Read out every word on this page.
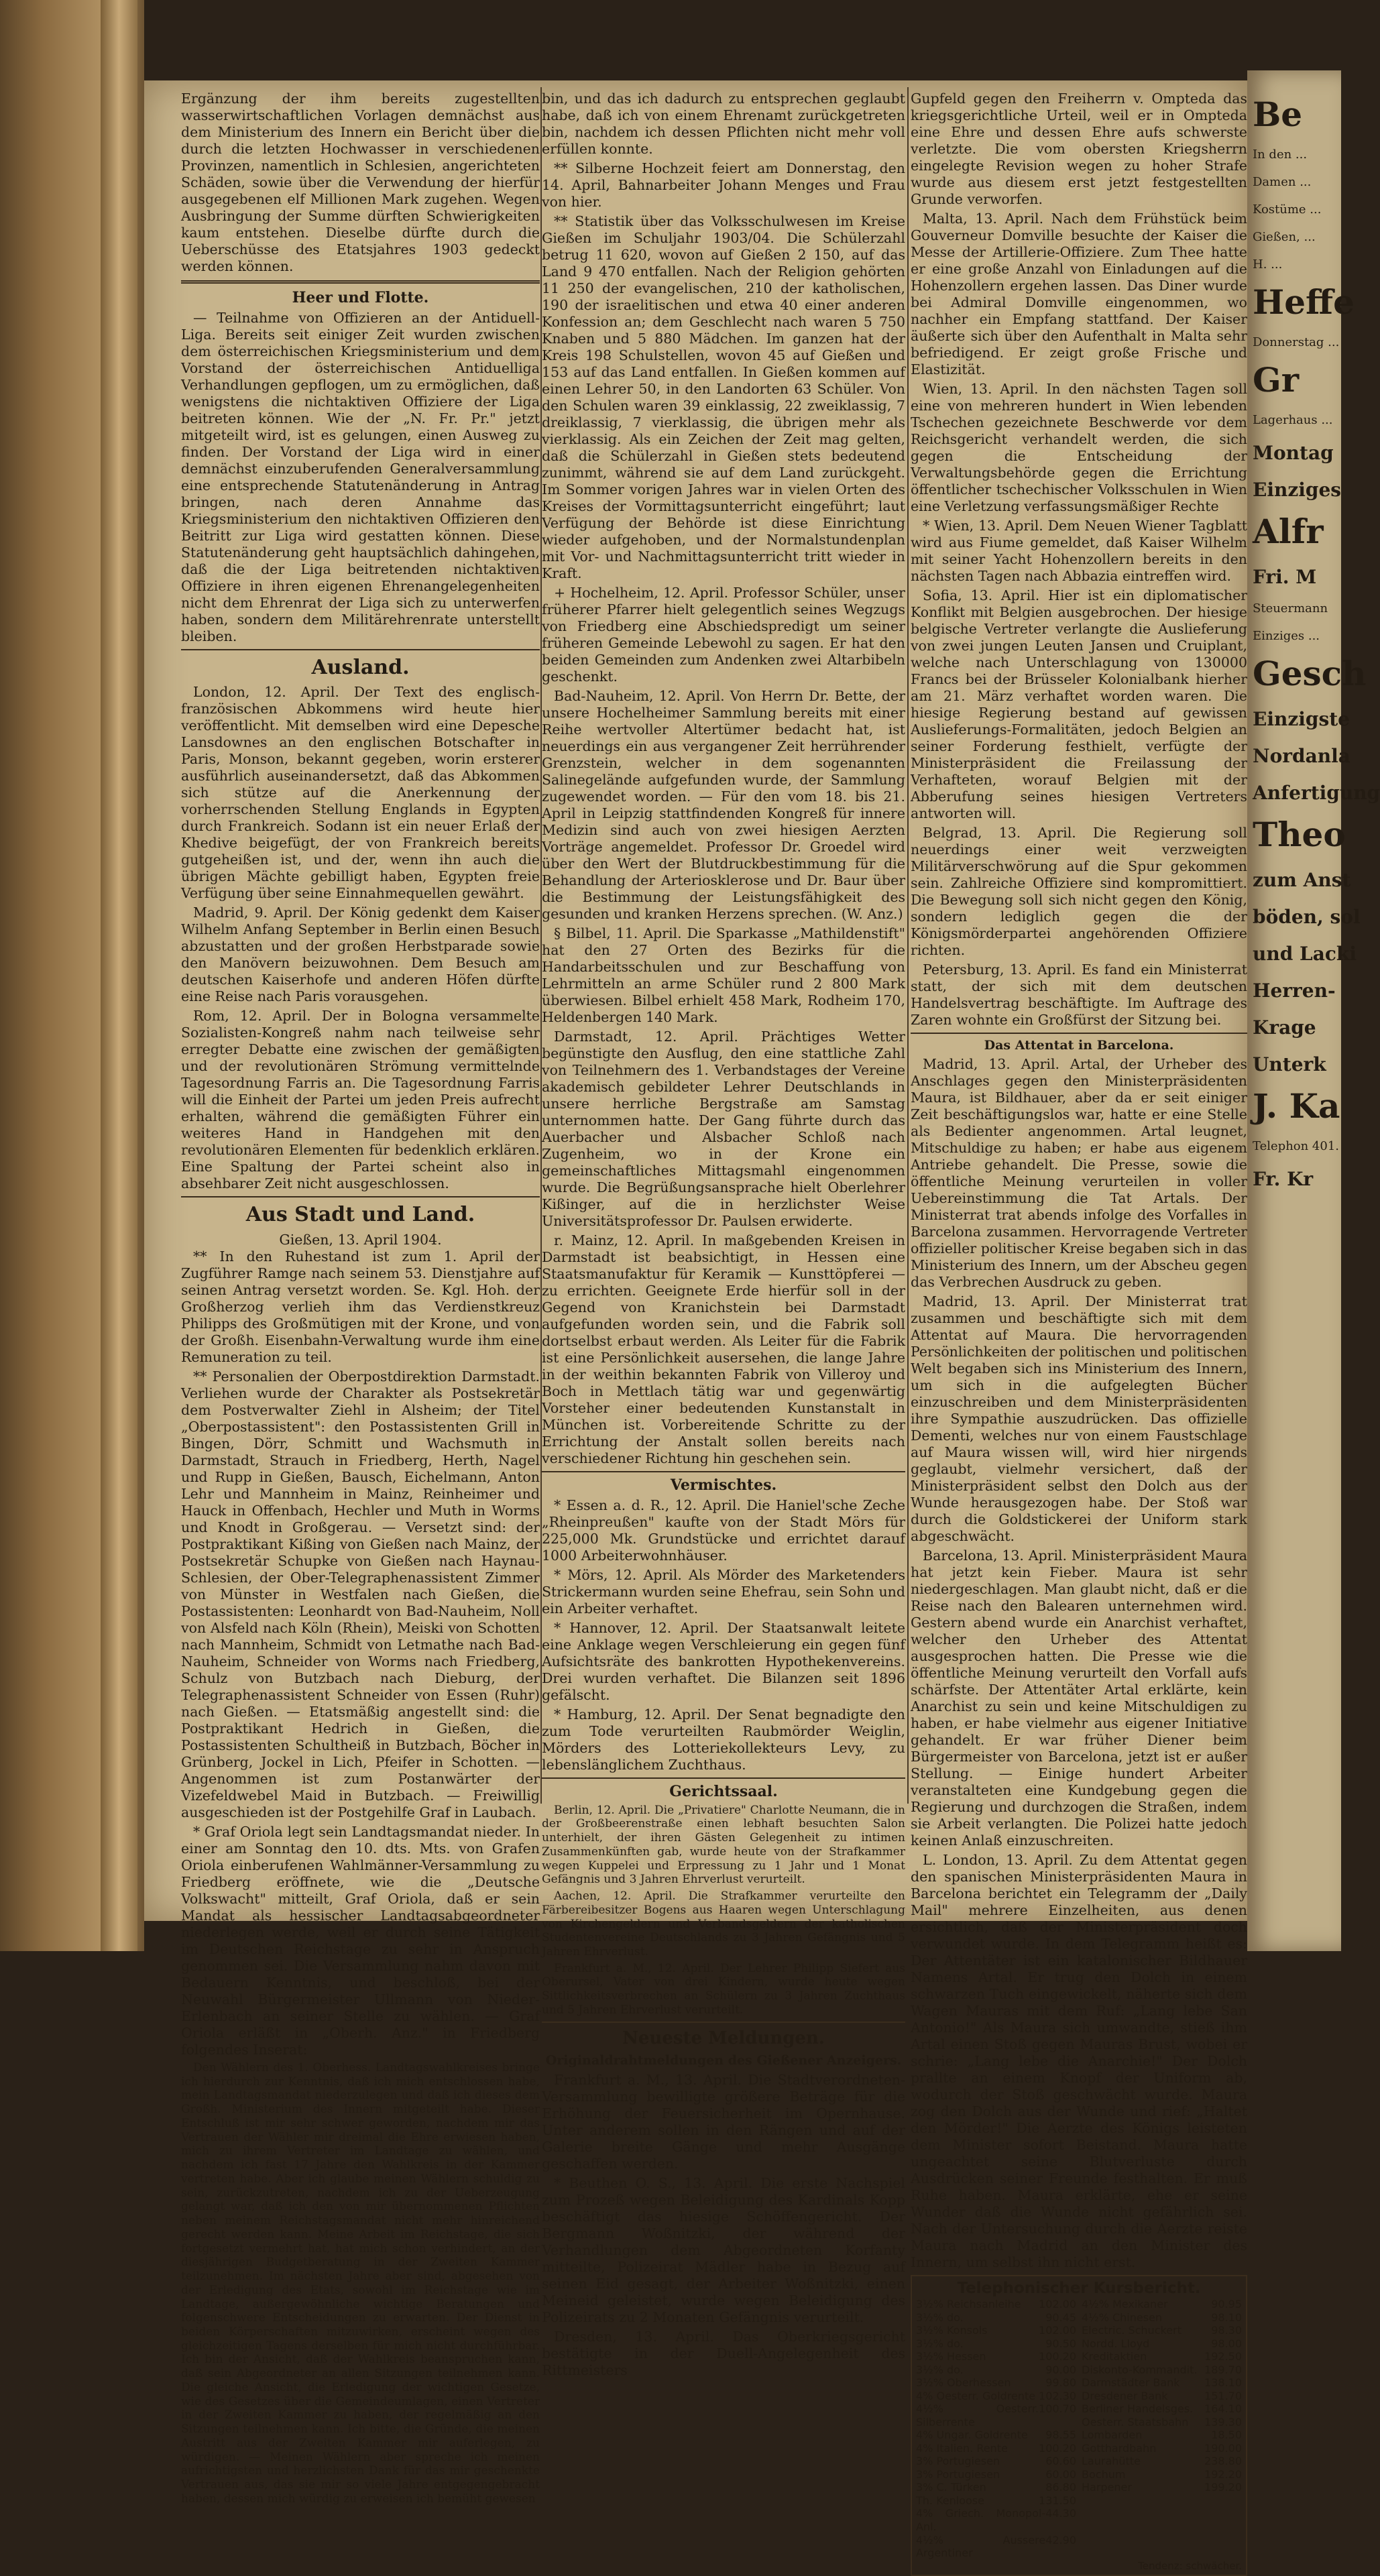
Ergänzung der ihm bereits zugestellten wasserwirtschaftlichen Vorlagen demnächst aus dem Ministerium des Innern ein Bericht über die durch die letzten Hochwasser in verschiedenen Provinzen, namentlich in Schlesien, angerichteten Schäden, sowie über die Verwendung der hierfür ausgegebenen elf Millionen Mark zugehen. Wegen Ausbringung der Summe dürften Schwierigkeiten kaum entstehen. Dieselbe dürfte durch die Ueberschüsse des Etatsjahres 1903 gedeckt werden können.

Heer und Flotte.

— Teilnahme von Offizieren an der Antiduell-Liga. Bereits seit einiger Zeit wurden zwischen dem österreichischen Kriegsministerium und dem Vorstand der österreichischen Antiduelliga Verhandlungen gepflogen, um zu ermöglichen, daß wenigstens die nichtaktiven Offiziere der Liga beitreten können. Wie der „N. Fr. Pr." jetzt mitgeteilt wird, ist es gelungen, einen Ausweg zu finden. Der Vorstand der Liga wird in einer demnächst einzuberufenden Generalversammlung eine entsprechende Statutenänderung in Antrag bringen, nach deren Annahme das Kriegsministerium den nichtaktiven Offizieren den Beitritt zur Liga wird gestatten können. Diese Statutenänderung geht hauptsächlich dahingehen, daß die der Liga beitretenden nichtaktiven Offiziere in ihren eigenen Ehrenangelegenheiten nicht dem Ehrenrat der Liga sich zu unterwerfen haben, sondern dem Militärehrenrate unterstellt bleiben.

Ausland.

London, 12. April. Der Text des englisch-französischen Abkommens wird heute hier veröffentlicht. Mit demselben wird eine Depesche Lansdownes an den englischen Botschafter in Paris, Monson, bekannt gegeben, worin ersterer ausführlich auseinandersetzt, daß das Abkommen sich stütze auf die Anerkennung der vorherrschenden Stellung Englands in Egypten durch Frankreich. Sodann ist ein neuer Erlaß der Khedive beigefügt, der von Frankreich bereits gutgeheißen ist, und der, wenn ihn auch die übrigen Mächte gebilligt haben, Egypten freie Verfügung über seine Einnahmequellen gewährt.

Madrid, 9. April. Der König gedenkt dem Kaiser Wilhelm Anfang September in Berlin einen Besuch abzustatten und der großen Herbstparade sowie den Manövern beizuwohnen. Dem Besuch am deutschen Kaiserhofe und anderen Höfen dürfte eine Reise nach Paris vorausgehen.

Rom, 12. April. Der in Bologna versammelte Sozialisten-Kongreß nahm nach teilweise sehr erregter Debatte eine zwischen der gemäßigten und der revolutionären Strömung vermittelnde Tagesordnung Farris an. Die Tagesordnung Farris will die Einheit der Partei um jeden Preis aufrecht erhalten, während die gemäßigten Führer ein weiteres Hand in Handgehen mit den revolutionären Elementen für bedenklich erklären. Eine Spaltung der Partei scheint also in absehbarer Zeit nicht ausgeschlossen.

Aus Stadt und Land.
Gießen, 13. April 1904.

** In den Ruhestand ist zum 1. April der Zugführer Ramge nach seinem 53. Dienstjahre auf seinen Antrag versetzt worden. Se. Kgl. Hoh. der Großherzog verlieh ihm das Verdienstkreuz Philipps des Großmütigen mit der Krone, und von der Großh. Eisenbahn-Verwaltung wurde ihm eine Remuneration zu teil.

** Personalien der Oberpostdirektion Darmstadt. Verliehen wurde der Charakter als Postsekretär dem Postverwalter Ziehl in Alsheim; der Titel „Oberpostassistent": den Postassistenten Grill in Bingen, Dörr, Schmitt und Wachsmuth in Darmstadt, Strauch in Friedberg, Herth, Nagel und Rupp in Gießen, Bausch, Eichelmann, Anton Lehr und Mannheim in Mainz, Reinheimer und Hauck in Offenbach, Hechler und Muth in Worms und Knodt in Großgerau. — Versetzt sind: der Postpraktikant Kißing von Gießen nach Mainz, der Postsekretär Schupke von Gießen nach Haynau-Schlesien, der Ober-Telegraphenassistent Zimmer von Münster in Westfalen nach Gießen, die Postassistenten: Leonhardt von Bad-Nauheim, Noll von Alsfeld nach Köln (Rhein), Meiski von Schotten nach Mannheim, Schmidt von Letmathe nach Bad-Nauheim, Schneider von Worms nach Friedberg, Schulz von Butzbach nach Dieburg, der Telegraphenassistent Schneider von Essen (Ruhr) nach Gießen. — Etatsmäßig angestellt sind: die Postpraktikant Hedrich in Gießen, die Postassistenten Schultheiß in Butzbach, Böcher in Grünberg, Jockel in Lich, Pfeifer in Schotten. — Angenommen ist zum Postanwärter der Vizefeldwebel Maid in Butzbach. — Freiwillig ausgeschieden ist der Postgehilfe Graf in Laubach.

* Graf Oriola legt sein Landtagsmandat nieder. In einer am Sonntag den 10. dts. Mts. von Grafen Oriola einberufenen Wahlmänner-Versammlung zu Friedberg eröffnete, wie die „Deutsche Volkswacht" mitteilt, Graf Oriola, daß er sein Mandat als hessischer Landtagsabgeordneter niederlegen werde, weil er durch seine Tätigkeit im Deutschen Reichstage zu sehr in Anspruch genommen sei. Die Versammlung nahm davon mit Bedauern Kenntnis, und beschloß, bei der Neuwahl Bürgermeister Ullmann von Nieder-Erlenbach an seiner Stelle zu wählen. — Graf Oriola erläßt in „Oberh. Anz." in Friedberg folgendes Inserat:

Den Wählern des 1. Oberhess. Landtagswahlkreises bringe ich hierdurch zur Kenntnis, daß ich mich entschlossen habe, mein Landtagsmandat niederzulegen und daß ich dieses dem Großh. Ministerium des Innern mitgeteilt habe. Dieser Entschluß ist mir sehr schwer geworden, nachdem mir das Vertrauen der Wähler mir dreimal die Ehre erwiesen haben, mich zu ihrem Vertreter im Landtage zu wählen, und nachdem ich fast 17 Jahre den Wahlkreis in der Kammer vertreten habe. Aber ich glaube meinen Wählern schuldig zu sein, zurückzutreten, nachdem ich zu der Ueberzeugung gelangt war, daß ich den von mir übernommenen Pflichten neben meinem Reichstagsmandat nicht mehr hinreichend gerecht werden kann. Meine Arbeit im Reichstage, die sich fortgesetzt vermehrt hat, hat mich schon verhindert, an der diesjährigen Budgetberatung in der Zweiten Kammer teilzunehmen. Im nächsten Jahre aber sind, abgesehen von der Erledigung des Etats, sowohl im Reichstage wie im Landtage, außergewöhnliche wichtige Beratungen und folgenschwere Entscheidungen zu erwarten. Der Dienst in beiden Körperschaften mitzuwirken, erscheint wegen des gleichzeitigen Tagens derselben für mich nicht durchführbar. Ich bin der Ansicht, daß der Wahlkreis beanspruchen kann, daß sein Abgeordneter an allen Sitzungen teilnehmen kann. Die gleiche Ansicht, die Erledigung der wichtigen Gesetze, wie des Gesetzes über die Gemeindeumlagen, einen Vertreter in der Zweiten Kammer zu haben, der regelmäßig an den Sitzungen teilnehmen kann. Ich bitte, die Gründe, die meinen Austritt aus der Zweiten Kammer mir auferlegen, zu würdigen. — Meinen Wählern aber spreche ich meinen aufrichtigsten und herzlichsten Dank für das mir geschenkte Vertrauen aus, das sie mir so viele Jahre entgegengebracht haben, dessen mich würdig zu erweisen ich bemüht gewesen

bin, und das ich dadurch zu entsprechen geglaubt habe, daß ich von einem Ehrenamt zurückgetreten bin, nachdem ich dessen Pflichten nicht mehr voll erfüllen konnte.

** Silberne Hochzeit feiert am Donnerstag, den 14. April, Bahnarbeiter Johann Menges und Frau von hier.

** Statistik über das Volksschulwesen im Kreise Gießen im Schuljahr 1903/04. Die Schülerzahl betrug 11 620, wovon auf Gießen 2 150, auf das Land 9 470 entfallen. Nach der Religion gehörten 11 250 der evangelischen, 210 der katholischen, 190 der israelitischen und etwa 40 einer anderen Konfession an; dem Geschlecht nach waren 5 750 Knaben und 5 880 Mädchen. Im ganzen hat der Kreis 198 Schulstellen, wovon 45 auf Gießen und 153 auf das Land entfallen. In Gießen kommen auf einen Lehrer 50, in den Landorten 63 Schüler. Von den Schulen waren 39 einklassig, 22 zweiklassig, 7 dreiklassig, 7 vierklassig, die übrigen mehr als vierklassig. Als ein Zeichen der Zeit mag gelten, daß die Schülerzahl in Gießen stets bedeutend zunimmt, während sie auf dem Land zurückgeht. Im Sommer vorigen Jahres war in vielen Orten des Kreises der Vormittagsunterricht eingeführt; laut Verfügung der Behörde ist diese Einrichtung wieder aufgehoben, und der Normalstundenplan mit Vor- und Nachmittagsunterricht tritt wieder in Kraft.

+ Hochelheim, 12. April. Professor Schüler, unser früherer Pfarrer hielt gelegentlich seines Wegzugs von Friedberg eine Abschiedspredigt um seiner früheren Gemeinde Lebewohl zu sagen. Er hat den beiden Gemeinden zum Andenken zwei Altarbibeln geschenkt.

Bad-Nauheim, 12. April. Von Herrn Dr. Bette, der unsere Hochelheimer Sammlung bereits mit einer Reihe wertvoller Altertümer bedacht hat, ist neuerdings ein aus vergangener Zeit herrührender Grenzstein, welcher in dem sogenannten Salinegelände aufgefunden wurde, der Sammlung zugewendet worden. — Für den vom 18. bis 21. April in Leipzig stattfindenden Kongreß für innere Medizin sind auch von zwei hiesigen Aerzten Vorträge angemeldet. Professor Dr. Groedel wird über den Wert der Blutdruckbestimmung für die Behandlung der Arteriosklerose und Dr. Baur über die Bestimmung der Leistungsfähigkeit des gesunden und kranken Herzens sprechen. (W. Anz.)

§ Bilbel, 11. April. Die Sparkasse „Mathildenstift" hat den 27 Orten des Bezirks für die Handarbeitsschulen und zur Beschaffung von Lehrmitteln an arme Schüler rund 2 800 Mark überwiesen. Bilbel erhielt 458 Mark, Rodheim 170, Heldenbergen 140 Mark.

Darmstadt, 12. April. Prächtiges Wetter begünstigte den Ausflug, den eine stattliche Zahl von Teilnehmern des 1. Verbandstages der Vereine akademisch gebildeter Lehrer Deutschlands in unsere herrliche Bergstraße am Samstag unternommen hatte. Der Gang führte durch das Auerbacher und Alsbacher Schloß nach Zugenheim, wo in der Krone ein gemeinschaftliches Mittagsmahl eingenommen wurde. Die Begrüßungsansprache hielt Oberlehrer Kißinger, auf die in herzlichster Weise Universitätsprofessor Dr. Paulsen erwiderte.

r. Mainz, 12. April. In maßgebenden Kreisen in Darmstadt ist beabsichtigt, in Hessen eine Staatsmanufaktur für Keramik — Kunsttöpferei — zu errichten. Geeignete Erde hierfür soll in der Gegend von Kranichstein bei Darmstadt aufgefunden worden sein, und die Fabrik soll dortselbst erbaut werden. Als Leiter für die Fabrik ist eine Persönlichkeit ausersehen, die lange Jahre in der weithin bekannten Fabrik von Villeroy und Boch in Mettlach tätig war und gegenwärtig Vorsteher einer bedeutenden Kunstanstalt in München ist. Vorbereitende Schritte zu der Errichtung der Anstalt sollen bereits nach verschiedener Richtung hin geschehen sein.

Vermischtes.

* Essen a. d. R., 12. April. Die Haniel'sche Zeche „Rheinpreußen" kaufte von der Stadt Mörs für 225,000 Mk. Grundstücke und errichtet darauf 1000 Arbeiterwohnhäuser.

* Mörs, 12. April. Als Mörder des Marketenders Strickermann wurden seine Ehefrau, sein Sohn und ein Arbeiter verhaftet.

* Hannover, 12. April. Der Staatsanwalt leitete eine Anklage wegen Verschleierung ein gegen fünf Aufsichtsräte des bankrotten Hypothekenvereins. Drei wurden verhaftet. Die Bilanzen seit 1896 gefälscht.

* Hamburg, 12. April. Der Senat begnadigte den zum Tode verurteilten Raubmörder Weiglin, Mörders des Lotteriekollekteurs Levy, zu lebenslänglichem Zuchthaus.

Gerichtssaal.

Berlin, 12. April. Die „Privatiere" Charlotte Neumann, die in der Großbeerenstraße einen lebhaft besuchten Salon unterhielt, der ihren Gästen Gelegenheit zu intimen Zusammenkünften gab, wurde heute von der Strafkammer wegen Kuppelei und Erpressung zu 1 Jahr und 1 Monat Gefängnis und 3 Jahren Ehrverlust verurteilt.

Aachen, 12. April. Die Strafkammer verurteilte den Färbereibesitzer Bogens aus Haaren wegen Unterschlagung von Kirchengeldern und Verbandsgeldern der katholischen Studentenvereine Deutschlands zu 3 Jahren Gefängnis und 5 Jahren Ehrverlust.

Frankfurt a. M., 12. April. Der Lehrer Philipp Siefert aus Oberursel, Vater von drei Kindern, wurde heute wegen Sittlichkeitsverbrechen an Schülern zu 3 Jahren Zuchthaus und 5 Jahren Ehrverlust verurteilt.

Neueste Meldungen.
Originaldrahtmeldungen des Gießener Anzeigers.

Frankfurt a. M., 13. April. Die Stadtverordneten-Versammlung bewilligte größere Beträge für die Erhöhung der Feuersicherheit im Opernhause. Unter anderem sollen in den Rängen und auf der Galerie breite Gänge und mehr Ausgänge geschaffen werden.

* Beuthen O. S., 13. April. Die erste Nachspiel zum Prozeß wegen Beleidigung des Kardinals Kopp beschäftigt das hiesige Schöffengericht. Der Bergmann Woßnitzki, der während der Verhandlungen dem Abgeordneten Korfanty mitteilte, Polizeirat Mädler habe in Bezug auf seinen Eid gesagt, der Arbeiter Woßnitzki, einen Meineid geleistet, wurde wegen Beleidigung des Polizeirats zu 2 Monaten Gefängnis verurteilt.

Dresden, 13. April. Das Oberkriegsgericht bestätigte in der Duell-Angelegenheit des Rittmeisters

Gupfeld gegen den Freiherrn v. Ompteda das kriegsgerichtliche Urteil, weil er in Ompteda eine Ehre und dessen Ehre aufs schwerste verletzte. Die vom obersten Kriegsherrn eingelegte Revision wegen zu hoher Strafe wurde aus diesem erst jetzt festgestellten Grunde verworfen.

Malta, 13. April. Nach dem Frühstück beim Gouverneur Domville besuchte der Kaiser die Messe der Artillerie-Offiziere. Zum Thee hatte er eine große Anzahl von Einladungen auf die Hohenzollern ergehen lassen. Das Diner wurde bei Admiral Domville eingenommen, wo nachher ein Empfang stattfand. Der Kaiser äußerte sich über den Aufenthalt in Malta sehr befriedigend. Er zeigt große Frische und Elastizität.

Wien, 13. April. In den nächsten Tagen soll eine von mehreren hundert in Wien lebenden Tschechen gezeichnete Beschwerde vor dem Reichsgericht verhandelt werden, die sich gegen die Entscheidung der Verwaltungsbehörde gegen die Errichtung öffentlicher tschechischer Volksschulen in Wien eine Verletzung verfassungsmäßiger Rechte

* Wien, 13. April. Dem Neuen Wiener Tagblatt wird aus Fiume gemeldet, daß Kaiser Wilhelm mit seiner Yacht Hohenzollern bereits in den nächsten Tagen nach Abbazia eintreffen wird.

Sofia, 13. April. Hier ist ein diplomatischer Konflikt mit Belgien ausgebrochen. Der hiesige belgische Vertreter verlangte die Auslieferung von zwei jungen Leuten Jansen und Cruiplant, welche nach Unterschlagung von 130000 Francs bei der Brüsseler Kolonialbank hierher am 21. März verhaftet worden waren. Die hiesige Regierung bestand auf gewissen Auslieferungs-Formalitäten, jedoch Belgien an seiner Forderung festhielt, verfügte der Ministerpräsident die Freilassung der Verhafteten, worauf Belgien mit der Abberufung seines hiesigen Vertreters antworten will.

Belgrad, 13. April. Die Regierung soll neuerdings einer weit verzweigten Militärverschwörung auf die Spur gekommen sein. Zahlreiche Offiziere sind kompromittiert. Die Bewegung soll sich nicht gegen den König, sondern lediglich gegen die der Königsmörderpartei angehörenden Offiziere richten.

Petersburg, 13. April. Es fand ein Ministerrat statt, der sich mit dem deutschen Handelsvertrag beschäftigte. Im Auftrage des Zaren wohnte ein Großfürst der Sitzung bei.

Das Attentat in Barcelona.

Madrid, 13. April. Artal, der Urheber des Anschlages gegen den Ministerpräsidenten Maura, ist Bildhauer, aber da er seit einiger Zeit beschäftigungslos war, hatte er eine Stelle als Bedienter angenommen. Artal leugnet, Mitschuldige zu haben; er habe aus eigenem Antriebe gehandelt. Die Presse, sowie die öffentliche Meinung verurteilen in voller Uebereinstimmung die Tat Artals. Der Ministerrat trat abends infolge des Vorfalles in Barcelona zusammen. Hervorragende Vertreter offizieller politischer Kreise begaben sich in das Ministerium des Innern, um der Abscheu gegen das Verbrechen Ausdruck zu geben.

Madrid, 13. April. Der Ministerrat trat zusammen und beschäftigte sich mit dem Attentat auf Maura. Die hervorragenden Persönlichkeiten der politischen und politischen Welt begaben sich ins Ministerium des Innern, um sich in die aufgelegten Bücher einzuschreiben und dem Ministerpräsidenten ihre Sympathie auszudrücken. Das offizielle Dementi, welches nur von einem Faustschlage auf Maura wissen will, wird hier nirgends geglaubt, vielmehr versichert, daß der Ministerpräsident selbst den Dolch aus der Wunde herausgezogen habe. Der Stoß war durch die Goldstickerei der Uniform stark abgeschwächt.

Barcelona, 13. April. Ministerpräsident Maura hat jetzt kein Fieber. Maura ist sehr niedergeschlagen. Man glaubt nicht, daß er die Reise nach den Balearen unternehmen wird. Gestern abend wurde ein Anarchist verhaftet, welcher den Urheber des Attentat ausgesprochen hatten. Die Presse wie die öffentliche Meinung verurteilt den Vorfall aufs schärfste. Der Attentäter Artal erklärte, kein Anarchist zu sein und keine Mitschuldigen zu haben, er habe vielmehr aus eigener Initiative gehandelt. Er war früher Diener beim Bürgermeister von Barcelona, jetzt ist er außer Stellung. — Einige hundert Arbeiter veranstalteten eine Kundgebung gegen die Regierung und durchzogen die Straßen, indem sie Arbeit verlangten. Die Polizei hatte jedoch keinen Anlaß einzuschreiten.

L. London, 13. April. Zu dem Attentat gegen den spanischen Ministerpräsidenten Maura in Barcelona berichtet ein Telegramm der „Daily Mail" mehrere Einzelheiten, aus denen ersichtlich, daß der Ministerpräsident doch verwundet wurde. In dem Telegramm heißt es: Der Attentäter ist ein katalonischer Bildhauer Namens Artal. Er trug den Dolch in einem schwarzen Tuch eingewickelt, näherte sich dem Wagen Mauras mit dem Ruf: „Lang lebe San Antonio!" Als Maura sich umwandte, stieß ihm Artal einen Stoß gegen Mauras Brust, wobei er schrie: „Lang lebe die Anarchie!" Der Dolch prallte an einem Knopf der Uniform ab, wodurch der Stoß geschwächt wurde. Maura zog den Dolch aus der Wunde und rief: „Haltet den Mörder!" Die Aerzte des Königs leisteten dem Minister sofort Beistand. Maura hatte ungeachtet seine Blutverluste durch Ausdrücken seiner Freunde festhalten. Er muß Ruhe haben. Maura erklärte, ehe er seine Wunder daß die Wunde nicht gefährlich sei. Nach der Untersuchung durch die Aerzte reiste Maura nach Madrid an den Minister des Innern, um selbst ihn nicht erst.

Telephonischer Kursbericht.
3½% Reichsanleihe 102.00
3½% do.	90.45
3½% Konsols	102.00
3½% do.	90.50
3½% Hessen	100.20
3½% do.	90.00
3½% Oberhessen	99.80
4% Oesterr. Goldrente 102.30
4½% Oesterr. Silberrente
100.70
4% Ungar. Goldrente 98.55
4% Italien. Rente	100.20
3% Portugiesen	60.60
3% Portugiesen	60.00
3% C. Türken	86.80
Th. Kenloose	131.50
4% Griech. Monopol-Anl.
44.30
4½% Aussere Argentiner
42.90
4½% Mexikaner	90.95
4½% Chinesen	98.10
Electric. Schuckert	98.30
Nordd. Lloyd	98.00
Kreditaktien	192.50
Diskonto-Kommandit. 189.70
Darmstädter Bank 138.10
Dresdener Bank	151.70
Berliner Handelsges. 164.10
Oesterr. Staatsbahn 139.30
Lombarden	18.50
Gotthardbahn	190.00
Laurahütte	238.80
Bochum	192.20
Harpener	199.20
Tendenz: schwächer.
Be
In den ...
Damen ...
Kostüme ...
Gießen, ...
H. ...
Heffe
Donnerstag ...
Gr
Lagerhaus ...
Montag
Einziges
Alfr
Fri. M
Steuermann
Einziges ...
Gesch
Einzigste
Nordanla
Anfertigung
Theo
zum Anst
böden, sol
und Lacki
Herren-
Krage
Unterk
J. Ka
Telephon 401.
Fr. Kr
